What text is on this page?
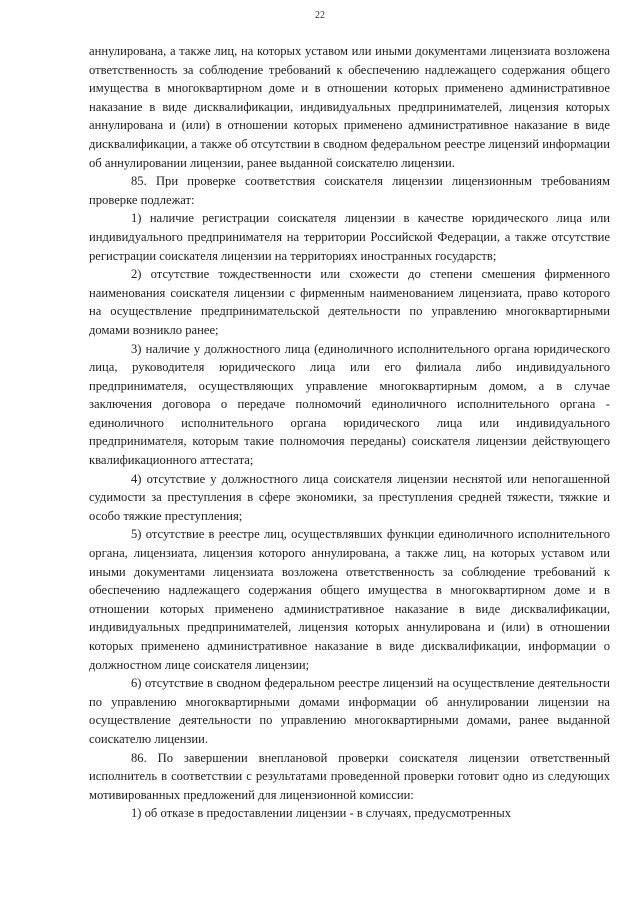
22

аннулирована, а также лиц, на которых уставом или иными документами лицензиата возложена ответственность за соблюдение требований к обеспечению надлежащего содержания общего имущества в многоквартирном доме и в отношении которых применено административное наказание в виде дисквалификации, индивидуальных предпринимателей, лицензия которых аннулирована и (или) в отношении которых применено административное наказание в виде дисквалификации, а также об отсутствии в сводном федеральном реестре лицензий информации об аннулировании лицензии, ранее выданной соискателю лицензии.

85. При проверке соответствия соискателя лицензии лицензионным требованиям проверке подлежат:

1) наличие регистрации соискателя лицензии в качестве юридического лица или индивидуального предпринимателя на территории Российской Федерации, а также отсутствие регистрации соискателя лицензии на территориях иностранных государств;

2) отсутствие тождественности или схожести до степени смешения фирменного наименования соискателя лицензии с фирменным наименованием лицензиата, право которого на осуществление предпринимательской деятельности по управлению многоквартирными домами возникло ранее;

3) наличие у должностного лица (единоличного исполнительного органа юридического лица, руководителя юридического лица или его филиала либо индивидуального предпринимателя, осуществляющих управление многоквартирным домом, а в случае заключения договора о передаче полномочий единоличного исполнительного органа - единоличного исполнительного органа юридического лица или индивидуального предпринимателя, которым такие полномочия переданы) соискателя лицензии действующего квалификационного аттестата;

4) отсутствие у должностного лица соискателя лицензии неснятой или непогашенной судимости за преступления в сфере экономики, за преступления средней тяжести, тяжкие и особо тяжкие преступления;

5) отсутствие в реестре лиц, осуществлявших функции единоличного исполнительного органа, лицензиата, лицензия которого аннулирована, а также лиц, на которых уставом или иными документами лицензиата возложена ответственность за соблюдение требований к обеспечению надлежащего содержания общего имущества в многоквартирном доме и в отношении которых применено административное наказание в виде дисквалификации, индивидуальных предпринимателей, лицензия которых аннулирована и (или) в отношении которых применено административное наказание в виде дисквалификации, информации о должностном лице соискателя лицензии;

6) отсутствие в сводном федеральном реестре лицензий на осуществление деятельности по управлению многоквартирными домами информации об аннулировании лицензии на осуществление деятельности по управлению многоквартирными домами, ранее выданной соискателю лицензии.

86. По завершении внеплановой проверки соискателя лицензии ответственный исполнитель в соответствии с результатами проведенной проверки готовит одно из следующих мотивированных предложений для лицензионной комиссии:

1) об отказе в предоставлении лицензии - в случаях, предусмотренных
